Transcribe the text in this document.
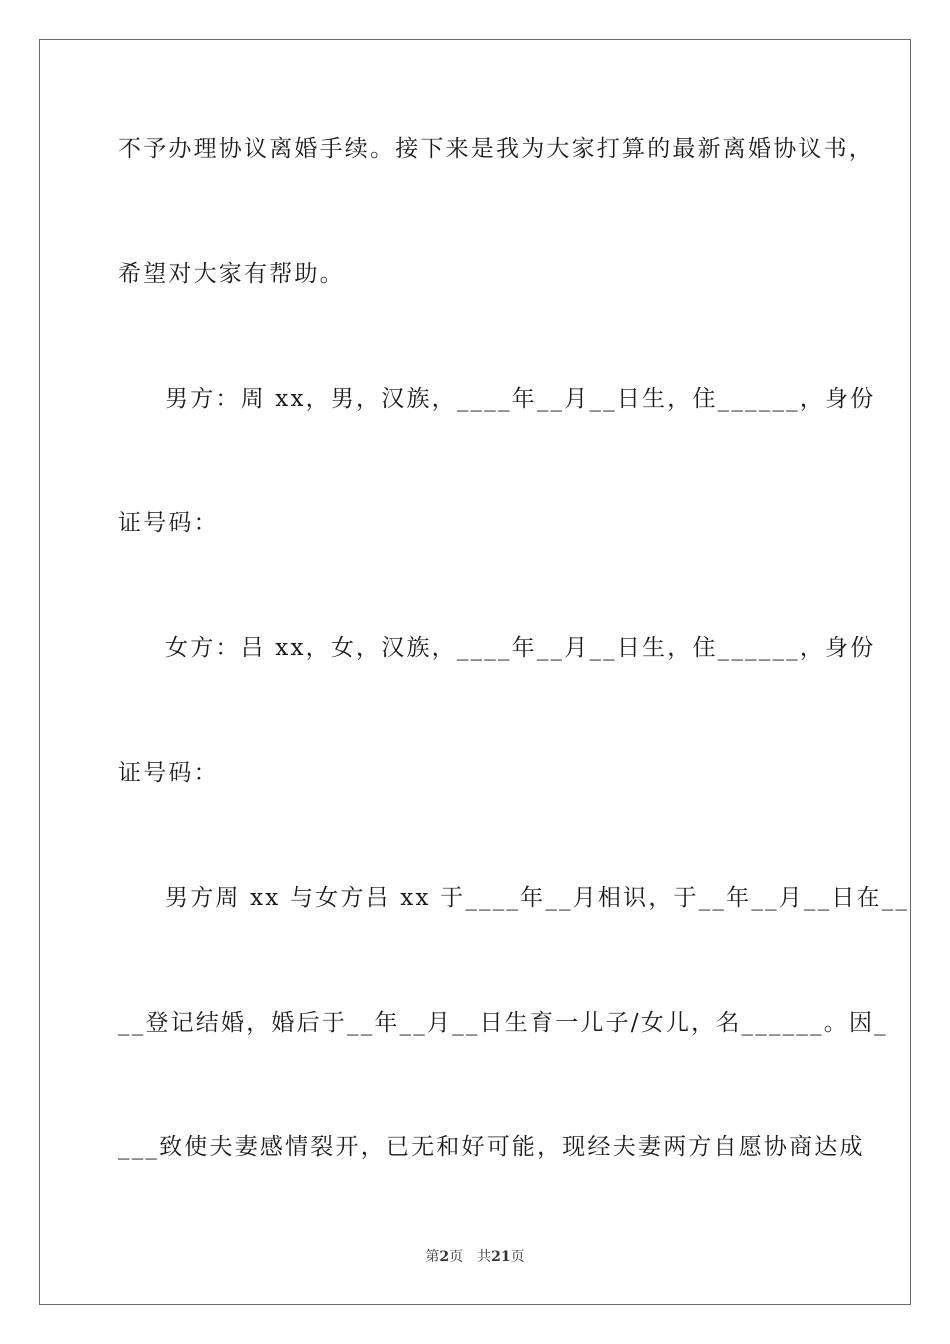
不予办理协议离婚手续。接下来是我为大家打算的最新离婚协议书，
希望对大家有帮助。
男方：周 xx，男，汉族，____年__月__日生，住______，身份
证号码：
女方：吕 xx，女，汉族，____年__月__日生，住______，身份
证号码：
男方周 xx 与女方吕 xx 于____年__月相识，于__年__月__日在__
__登记结婚，婚后于__年__月__日生育一儿子/女儿，名______。因_
___致使夫妻感情裂开，已无和好可能，现经夫妻两方自愿协商达成
第2页 共21页
